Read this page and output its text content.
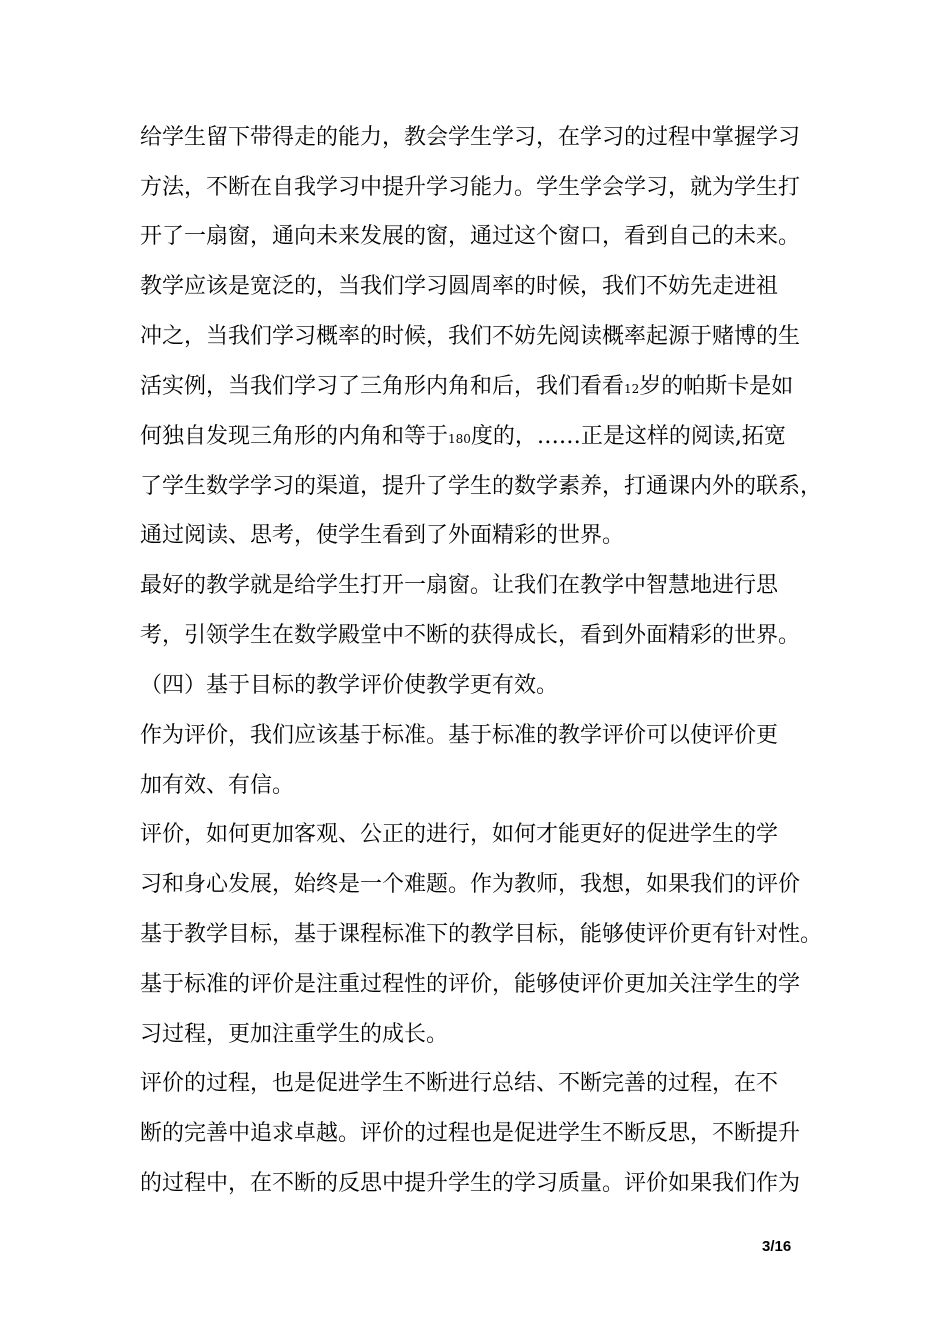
给学生留下带得走的能力，教会学生学习，在学习的过程中掌握学习
方法，不断在自我学习中提升学习能力。学生学会学习，就为学生打
开了一扇窗，通向未来发展的窗，通过这个窗口，看到自己的未来。
教学应该是宽泛的，当我们学习圆周率的时候，我们不妨先走进祖
冲之，当我们学习概率的时候，我们不妨先阅读概率起源于赌博的生
活实例，当我们学习了三角形内角和后，我们看看12岁的帕斯卡是如
何独自发现三角形的内角和等于180度的，……正是这样的阅读,拓宽
了学生数学学习的渠道，提升了学生的数学素养，打通课内外的联系，
通过阅读、思考，使学生看到了外面精彩的世界。
最好的教学就是给学生打开一扇窗。让我们在教学中智慧地进行思
考，引领学生在数学殿堂中不断的获得成长，看到外面精彩的世界。
（四）基于目标的教学评价使教学更有效。
作为评价，我们应该基于标准。基于标准的教学评价可以使评价更
加有效、有信。
评价，如何更加客观、公正的进行，如何才能更好的促进学生的学
习和身心发展，始终是一个难题。作为教师，我想，如果我们的评价
基于教学目标，基于课程标准下的教学目标，能够使评价更有针对性。
基于标准的评价是注重过程性的评价，能够使评价更加关注学生的学
习过程，更加注重学生的成长。
评价的过程，也是促进学生不断进行总结、不断完善的过程，在不
断的完善中追求卓越。评价的过程也是促进学生不断反思，不断提升
的过程中，在不断的反思中提升学生的学习质量。评价如果我们作为
3/16
